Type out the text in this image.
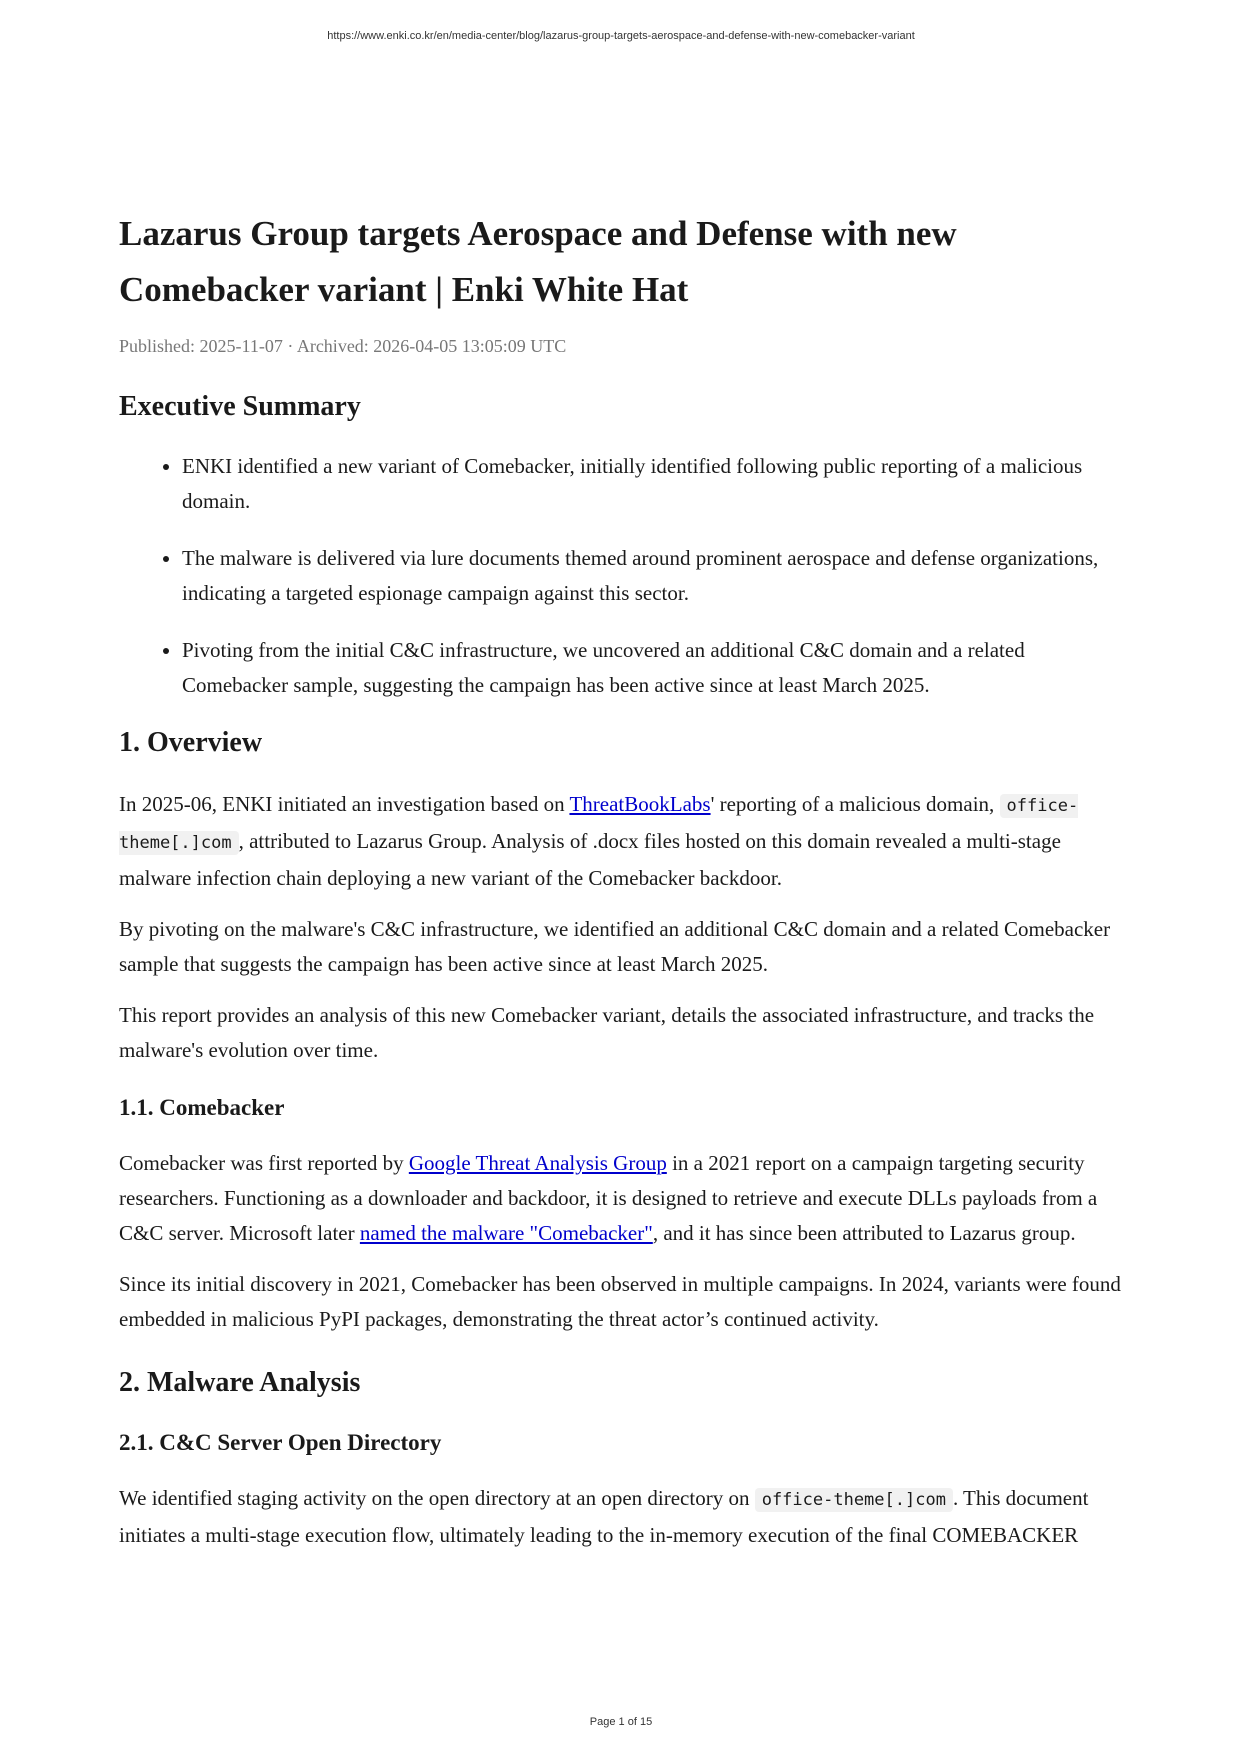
https://www.enki.co.kr/en/media-center/blog/lazarus-group-targets-aerospace-and-defense-with-new-comebacker-variant
Lazarus Group targets Aerospace and Defense with new
Comebacker variant | Enki White Hat
Published: 2025-11-07 · Archived: 2026-04-05 13:05:09 UTC
Executive Summary
• ENKI identified a new variant of Comebacker, initially identified following public reporting of a malicious domain.
• The malware is delivered via lure documents themed around prominent aerospace and defense organizations, indicating a targeted espionage campaign against this sector.
• Pivoting from the initial C&C infrastructure, we uncovered an additional C&C domain and a related Comebacker sample, suggesting the campaign has been active since at least March 2025.
1. Overview

In 2025-06, ENKI initiated an investigation based on ThreatBookLabs' reporting of a malicious domain, office-theme[.]com , attributed to Lazarus Group. Analysis of .docx files hosted on this domain revealed a multi-stage malware infection chain deploying a new variant of the Comebacker backdoor.

By pivoting on the malware's C&C infrastructure, we identified an additional C&C domain and a related Comebacker sample that suggests the campaign has been active since at least March 2025.

This report provides an analysis of this new Comebacker variant, details the associated infrastructure, and tracks the malware's evolution over time.

1.1. Comebacker

Comebacker was first reported by Google Threat Analysis Group in a 2021 report on a campaign targeting security researchers. Functioning as a downloader and backdoor, it is designed to retrieve and execute DLLs payloads from a C&C server. Microsoft later named the malware "Comebacker", and it has since been attributed to Lazarus group.

Since its initial discovery in 2021, Comebacker has been observed in multiple campaigns. In 2024, variants were found embedded in malicious PyPI packages, demonstrating the threat actor’s continued activity.

2. Malware Analysis
2.1. C&C Server Open Directory

We identified staging activity on the open directory at an open directory on office-theme[.]com . This document initiates a multi-stage execution flow, ultimately leading to the in-memory execution of the final COMEBACKER

Page 1 of 15
